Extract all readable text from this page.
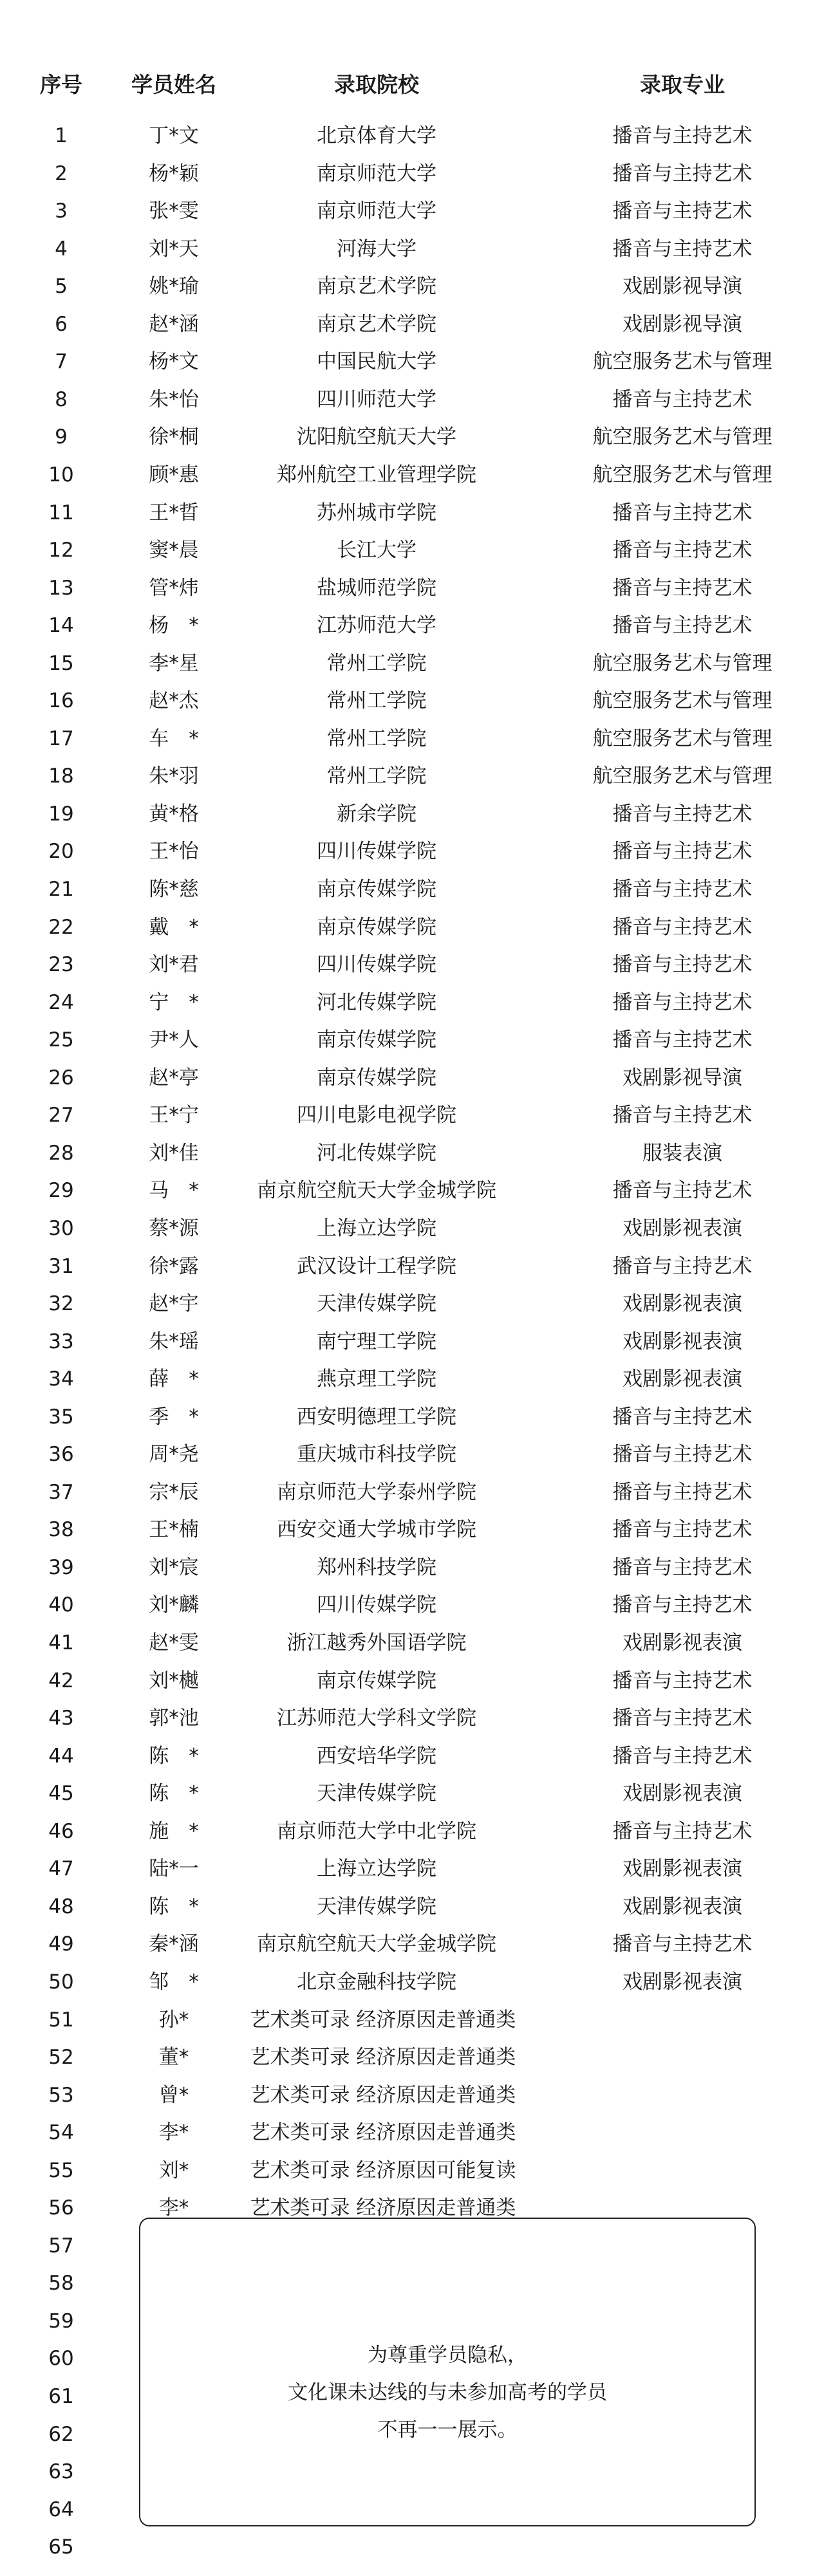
序号	学员姓名	录取院校	录取专业
1	丁*文	北京体育大学	播音与主持艺术
2	杨*颖	南京师范大学	播音与主持艺术
3	张*雯	南京师范大学	播音与主持艺术
4	刘*天	河海大学	播音与主持艺术
5	姚*瑜	南京艺术学院	戏剧影视导演
6	赵*涵	南京艺术学院	戏剧影视导演
7	杨*文	中国民航大学	航空服务艺术与管理
8	朱*怡	四川师范大学	播音与主持艺术
9	徐*桐	沈阳航空航天大学	航空服务艺术与管理
10	顾*惠	郑州航空工业管理学院	航空服务艺术与管理
11	王*晢	苏州城市学院	播音与主持艺术
12	窦*晨	长江大学	播音与主持艺术
13	管*炜	盐城师范学院	播音与主持艺术
14	杨　*	江苏师范大学	播音与主持艺术
15	李*星	常州工学院	航空服务艺术与管理
16	赵*杰	常州工学院	航空服务艺术与管理
17	车　*	常州工学院	航空服务艺术与管理
18	朱*羽	常州工学院	航空服务艺术与管理
19	黄*格	新余学院	播音与主持艺术
20	王*怡	四川传媒学院	播音与主持艺术
21	陈*慈	南京传媒学院	播音与主持艺术
22	戴　*	南京传媒学院	播音与主持艺术
23	刘*君	四川传媒学院	播音与主持艺术
24	宁　*	河北传媒学院	播音与主持艺术
25	尹*人	南京传媒学院	播音与主持艺术
26	赵*亭	南京传媒学院	戏剧影视导演
27	王*宁	四川电影电视学院	播音与主持艺术
28	刘*佳	河北传媒学院	服装表演
29	马　*	南京航空航天大学金城学院	播音与主持艺术
30	蔡*源	上海立达学院	戏剧影视表演
31	徐*露	武汉设计工程学院	播音与主持艺术
32	赵*宇	天津传媒学院	戏剧影视表演
33	朱*瑶	南宁理工学院	戏剧影视表演
34	薛　*	燕京理工学院	戏剧影视表演
35	季　*	西安明德理工学院	播音与主持艺术
36	周*尧	重庆城市科技学院	播音与主持艺术
37	宗*辰	南京师范大学泰州学院	播音与主持艺术
38	王*楠	西安交通大学城市学院	播音与主持艺术
39	刘*宸	郑州科技学院	播音与主持艺术
40	刘*麟	四川传媒学院	播音与主持艺术
41	赵*雯	浙江越秀外国语学院	戏剧影视表演
42	刘*樾	南京传媒学院	播音与主持艺术
43	郭*池	江苏师范大学科文学院	播音与主持艺术
44	陈　*	西安培华学院	播音与主持艺术
45	陈　*	天津传媒学院	戏剧影视表演
46	施　*	南京师范大学中北学院	播音与主持艺术
47	陆*一	上海立达学院	戏剧影视表演
48	陈　*	天津传媒学院	戏剧影视表演
49	秦*涵	南京航空航天大学金城学院	播音与主持艺术
50	邹　*	北京金融科技学院	戏剧影视表演
51	孙*	艺术类可录 经济原因走普通类
52	董*	艺术类可录 经济原因走普通类
53	曾*	艺术类可录 经济原因走普通类
54	李*	艺术类可录 经济原因走普通类
55	刘*	艺术类可录 经济原因可能复读
56	李*	艺术类可录 经济原因走普通类
57
58
59
60
61
62
63
64
65
为尊重学员隐私，
文化课未达线的与未参加高考的学员
不再一一展示。
